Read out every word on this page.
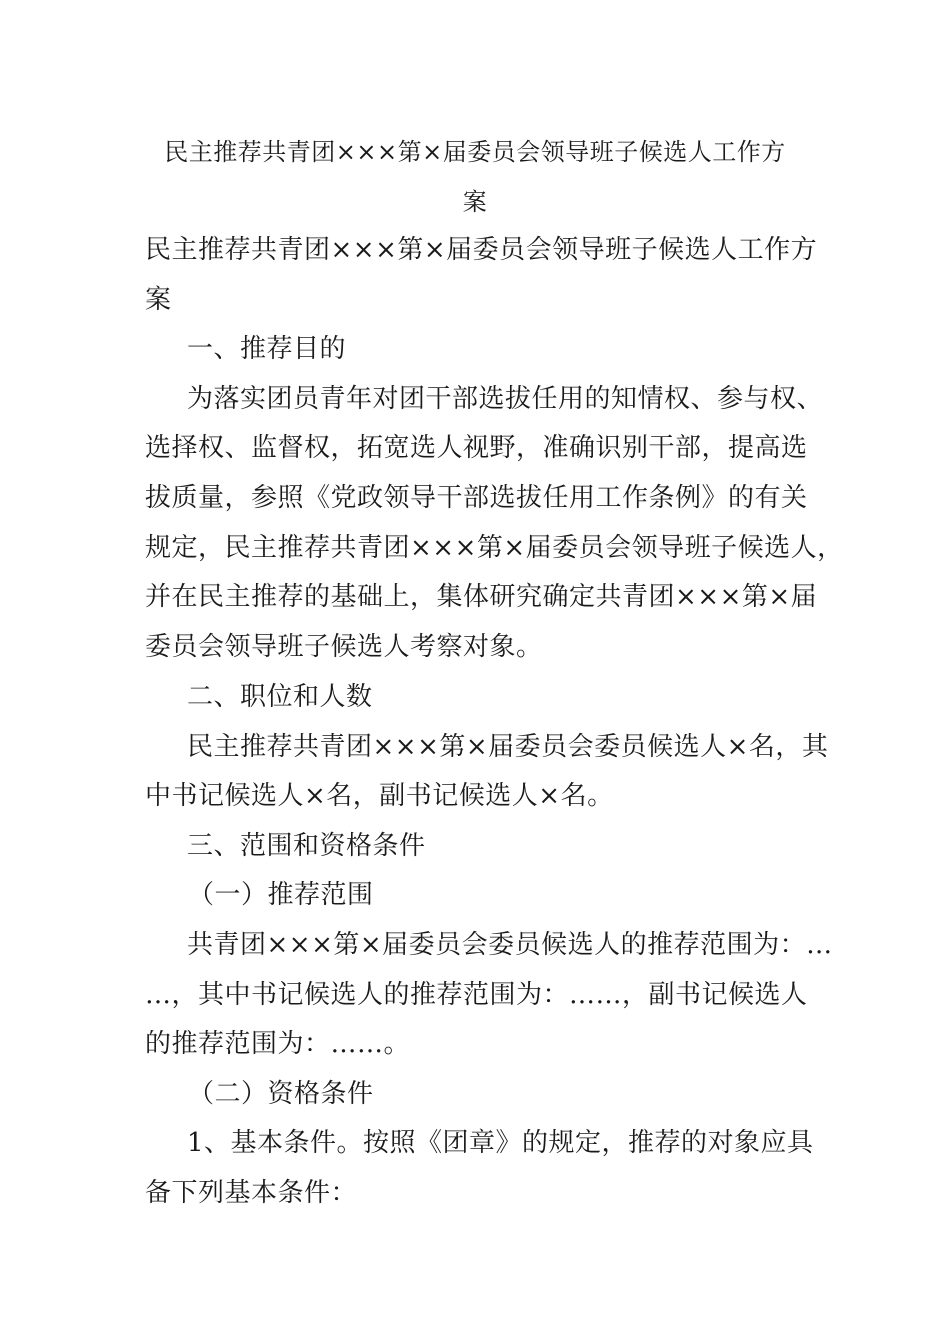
民主推荐共青团×××第×届委员会领导班子候选人工作方
案
民主推荐共青团×××第×届委员会领导班子候选人工作方
案
一、推荐目的
为落实团员青年对团干部选拔任用的知情权、参与权、
选择权、监督权，拓宽选人视野，准确识别干部，提高选
拔质量，参照《党政领导干部选拔任用工作条例》的有关
规定，民主推荐共青团×××第×届委员会领导班子候选人，
并在民主推荐的基础上，集体研究确定共青团×××第×届
委员会领导班子候选人考察对象。
二、职位和人数
民主推荐共青团×××第×届委员会委员候选人×名，其
中书记候选人×名，副书记候选人×名。
三、范围和资格条件
（一）推荐范围
共青团×××第×届委员会委员候选人的推荐范围为：…
…，其中书记候选人的推荐范围为：……，副书记候选人
的推荐范围为：……。
（二）资格条件
1、基本条件。按照《团章》的规定，推荐的对象应具
备下列基本条件：
